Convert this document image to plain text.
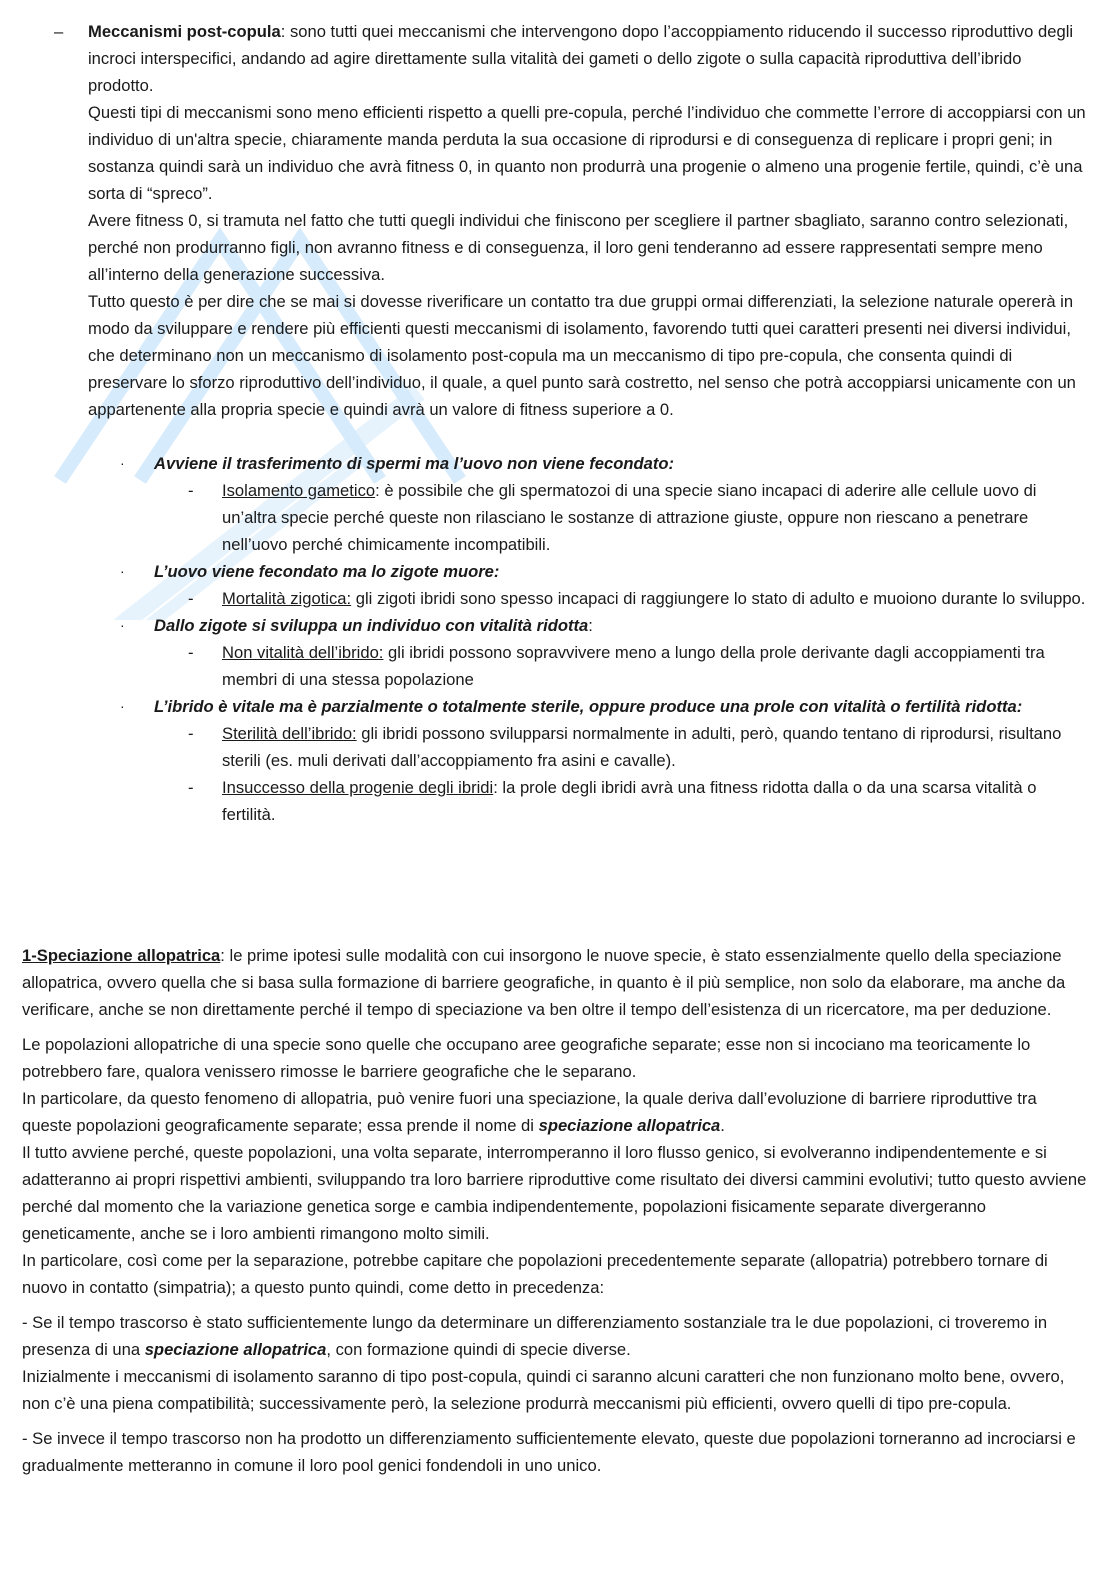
– Meccanismi post-copula: sono tutti quei meccanismi che intervengono dopo l’accoppiamento riducendo il successo riproduttivo degli incroci interspecifici, andando ad agire direttamente sulla vitalità dei gameti o dello zigote o sulla capacità riproduttiva dell’ibrido prodotto.

Questi tipi di meccanismi sono meno efficienti rispetto a quelli pre-copula, perché l’individuo che commette l’errore di accoppiarsi con un individuo di un'altra specie, chiaramente manda perduta la sua occasione di riprodursi e di conseguenza di replicare i propri geni; in sostanza quindi sarà un individuo che avrà fitness 0, in quanto non produrrà una progenie o almeno una progenie fertile, quindi, c’è una sorta di “spreco”.

Avere fitness 0, si tramuta nel fatto che tutti quegli individui che finiscono per scegliere il partner sbagliato, saranno contro selezionati, perché non produrranno figli, non avranno fitness e di conseguenza, il loro geni tenderanno ad essere rappresentati sempre meno all’interno della generazione successiva.

Tutto questo è per dire che se mai si dovesse riverificare un contatto tra due gruppi ormai differenziati, la selezione naturale opererà in modo da sviluppare e rendere più efficienti questi meccanismi di isolamento, favorendo tutti quei caratteri presenti nei diversi individui, che determinano non un meccanismo di isolamento post-copula ma un meccanismo di tipo pre-copula, che consenta quindi di preservare lo sforzo riproduttivo dell’individuo, il quale, a quel punto sarà costretto, nel senso che potrà accoppiarsi unicamente con un appartenente alla propria specie e quindi avrà un valore di fitness superiore a 0.

· Avviene il trasferimento di spermi ma l’uovo non viene fecondato:
- Isolamento gametico: è possibile che gli spermatozoi di una specie siano incapaci di aderire alle cellule uovo di un’altra specie perché queste non rilasciano le sostanze di attrazione giuste, oppure non riescano a penetrare nell’uovo perché chimicamente incompatibili.
· L’uovo viene fecondato ma lo zigote muore:
- Mortalità zigotica: gli zigoti ibridi sono spesso incapaci di raggiungere lo stato di adulto e muoiono durante lo sviluppo.
· Dallo zigote si sviluppa un individuo con vitalità ridotta:
- Non vitalità dell’ibrido: gli ibridi possono sopravvivere meno a lungo della prole derivante dagli accoppiamenti tra membri di una stessa popolazione
· L’ibrido è vitale ma è parzialmente o totalmente sterile, oppure produce una prole con vitalità o fertilità ridotta:
- Sterilità dell’ibrido: gli ibridi possono svilupparsi normalmente in adulti, però, quando tentano di riprodursi, risultano sterili (es. muli derivati dall’accoppiamento fra asini e cavalle).
- Insuccesso della progenie degli ibridi: la prole degli ibridi avrà una fitness ridotta dalla o da una scarsa vitalità o fertilità.

1-Speciazione allopatrica: le prime ipotesi sulle modalità con cui insorgono le nuove specie, è stato essenzialmente quello della speciazione allopatrica, ovvero quella che si basa sulla formazione di barriere geografiche, in quanto è il più semplice, non solo da elaborare, ma anche da verificare, anche se non direttamente perché il tempo di speciazione va ben oltre il tempo dell’esistenza di un ricercatore, ma per deduzione.

Le popolazioni allopatriche di una specie sono quelle che occupano aree geografiche separate; esse non si incociano ma teoricamente lo potrebbero fare, qualora venissero rimosse le barriere geografiche che le separano.

In particolare, da questo fenomeno di allopatria, può venire fuori una speciazione, la quale deriva dall’evoluzione di barriere riproduttive tra queste popolazioni geograficamente separate; essa prende il nome di speciazione allopatrica.

Il tutto avviene perché, queste popolazioni, una volta separate, interromperanno il loro flusso genico, si evolveranno indipendentemente e si adatteranno ai propri rispettivi ambienti, sviluppando tra loro barriere riproduttive come risultato dei diversi cammini evolutivi; tutto questo avviene perché dal momento che la variazione genetica sorge e cambia indipendentemente, popolazioni fisicamente separate divergeranno geneticamente, anche se i loro ambienti rimangono molto simili.

In particolare, così come per la separazione, potrebbe capitare che popolazioni precedentemente separate (allopatria) potrebbero tornare di nuovo in contatto (simpatria); a questo punto quindi, come detto in precedenza:

- Se il tempo trascorso è stato sufficientemente lungo da determinare un differenziamento sostanziale tra le due popolazioni, ci troveremo in presenza di una speciazione allopatrica, con formazione quindi di specie diverse.

Inizialmente i meccanismi di isolamento saranno di tipo post-copula, quindi ci saranno alcuni caratteri che non funzionano molto bene, ovvero, non c’è una piena compatibilità; successivamente però, la selezione produrrà meccanismi più efficienti, ovvero quelli di tipo pre-copula.

- Se invece il tempo trascorso non ha prodotto un differenziamento sufficientemente elevato, queste due popolazioni torneranno ad incrociarsi e gradualmente metteranno in comune il loro pool genici fondendoli in uno unico.
